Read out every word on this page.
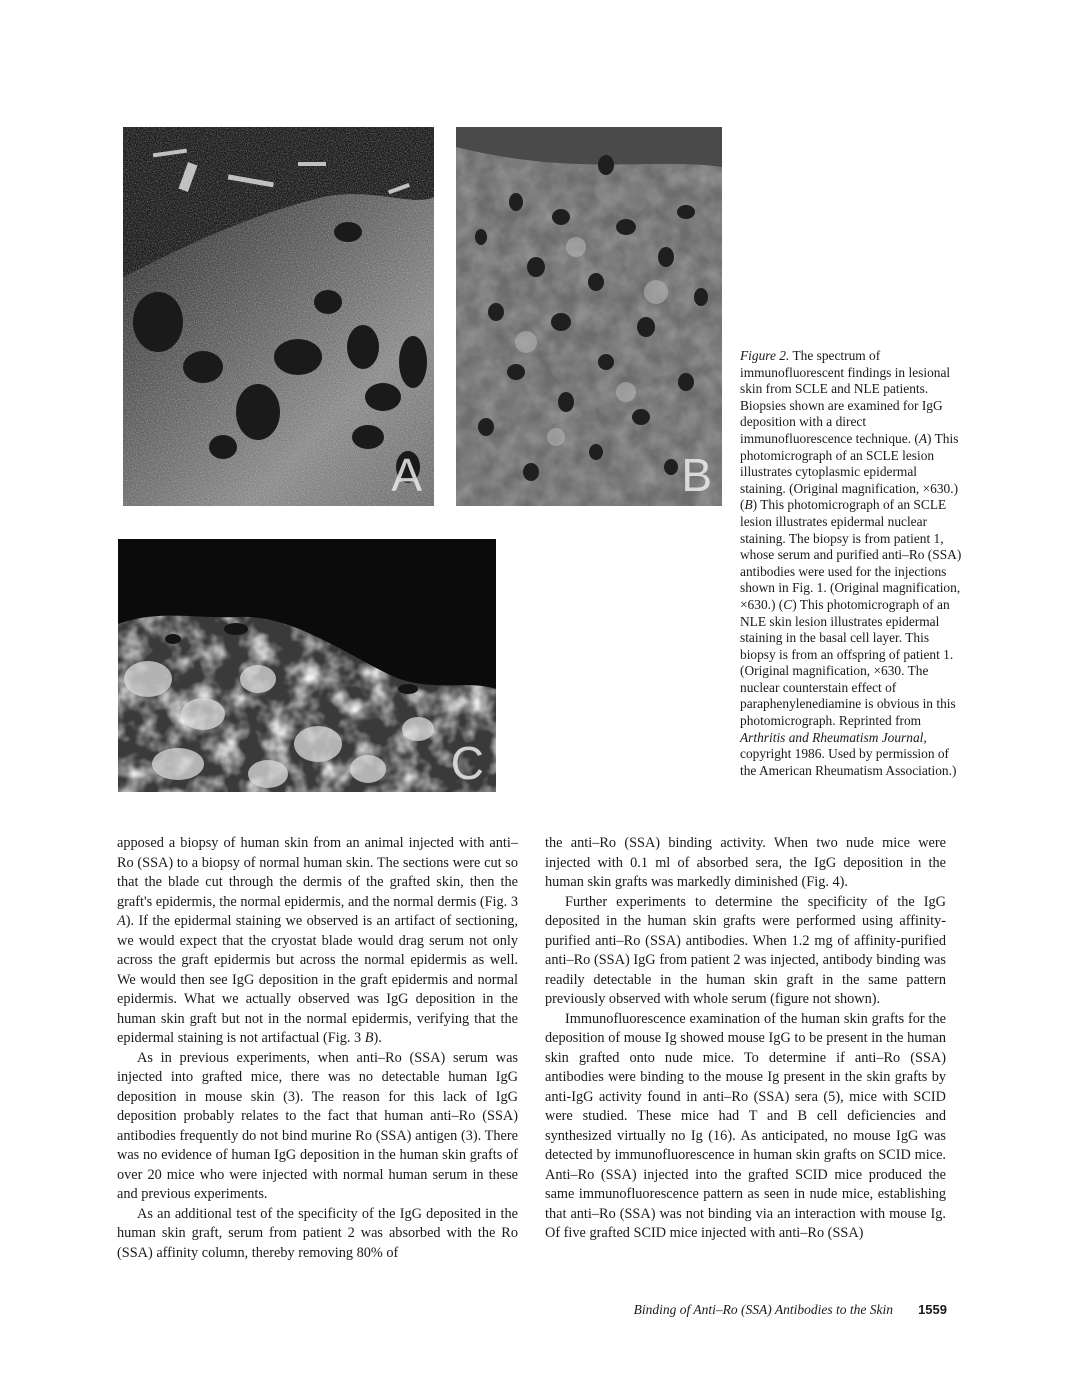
A	B
C

Figure 2. The spectrum of immunofluorescent findings in lesional skin from SCLE and NLE patients. Biopsies shown are examined for IgG deposition with a direct immunofluorescence technique. (A) This photomicrograph of an SCLE lesion illustrates cytoplasmic epidermal staining. (Original magnification, ×630.) (B) This photomicrograph of an SCLE lesion illustrates epidermal nuclear staining. The biopsy is from patient 1, whose serum and purified anti–Ro (SSA) antibodies were used for the injections shown in Fig. 1. (Original magnification, ×630.) (C) This photomicrograph of an NLE skin lesion illustrates epidermal staining in the basal cell layer. This biopsy is from an offspring of patient 1. (Original magnification, ×630. The nuclear counterstain effect of paraphenylenediamine is obvious in this photomicrograph. Reprinted from Arthritis and Rheumatism Journal, copyright 1986. Used by permission of the American Rheumatism Association.)

apposed a biopsy of human skin from an animal injected with anti–Ro (SSA) to a biopsy of normal human skin. The sections were cut so that the blade cut through the dermis of the grafted skin, then the graft's epidermis, the normal epidermis, and the normal dermis (Fig. 3 A). If the epidermal staining we observed is an artifact of sectioning, we would expect that the cryostat blade would drag serum not only across the graft epidermis but across the normal epidermis as well. We would then see IgG deposition in the graft epidermis and normal epidermis. What we actually observed was IgG deposition in the human skin graft but not in the normal epidermis, verifying that the epidermal staining is not artifactual (Fig. 3 B).

As in previous experiments, when anti–Ro (SSA) serum was injected into grafted mice, there was no detectable human IgG deposition in mouse skin (3). The reason for this lack of IgG deposition probably relates to the fact that human anti–Ro (SSA) antibodies frequently do not bind murine Ro (SSA) antigen (3). There was no evidence of human IgG deposition in the human skin grafts of over 20 mice who were injected with normal human serum in these and previous experiments.

As an additional test of the specificity of the IgG deposited in the human skin graft, serum from patient 2 was absorbed with the Ro (SSA) affinity column, thereby removing 80% of

the anti–Ro (SSA) binding activity. When two nude mice were injected with 0.1 ml of absorbed sera, the IgG deposition in the human skin grafts was markedly diminished (Fig. 4).

Further experiments to determine the specificity of the IgG deposited in the human skin grafts were performed using affinity-purified anti–Ro (SSA) antibodies. When 1.2 mg of affinity-purified anti–Ro (SSA) IgG from patient 2 was injected, antibody binding was readily detectable in the human skin graft in the same pattern previously observed with whole serum (figure not shown).

Immunofluorescence examination of the human skin grafts for the deposition of mouse Ig showed mouse IgG to be present in the human skin grafted onto nude mice. To determine if anti–Ro (SSA) antibodies were binding to the mouse Ig present in the skin grafts by anti-IgG activity found in anti–Ro (SSA) sera (5), mice with SCID were studied. These mice had T and B cell deficiencies and synthesized virtually no Ig (16). As anticipated, no mouse IgG was detected by immunofluorescence in human skin grafts on SCID mice. Anti–Ro (SSA) injected into the grafted SCID mice produced the same immunofluorescence pattern as seen in nude mice, establishing that anti–Ro (SSA) was not binding via an interaction with mouse Ig. Of five grafted SCID mice injected with anti–Ro (SSA)

Binding of Anti–Ro (SSA) Antibodies to the Skin 1559
